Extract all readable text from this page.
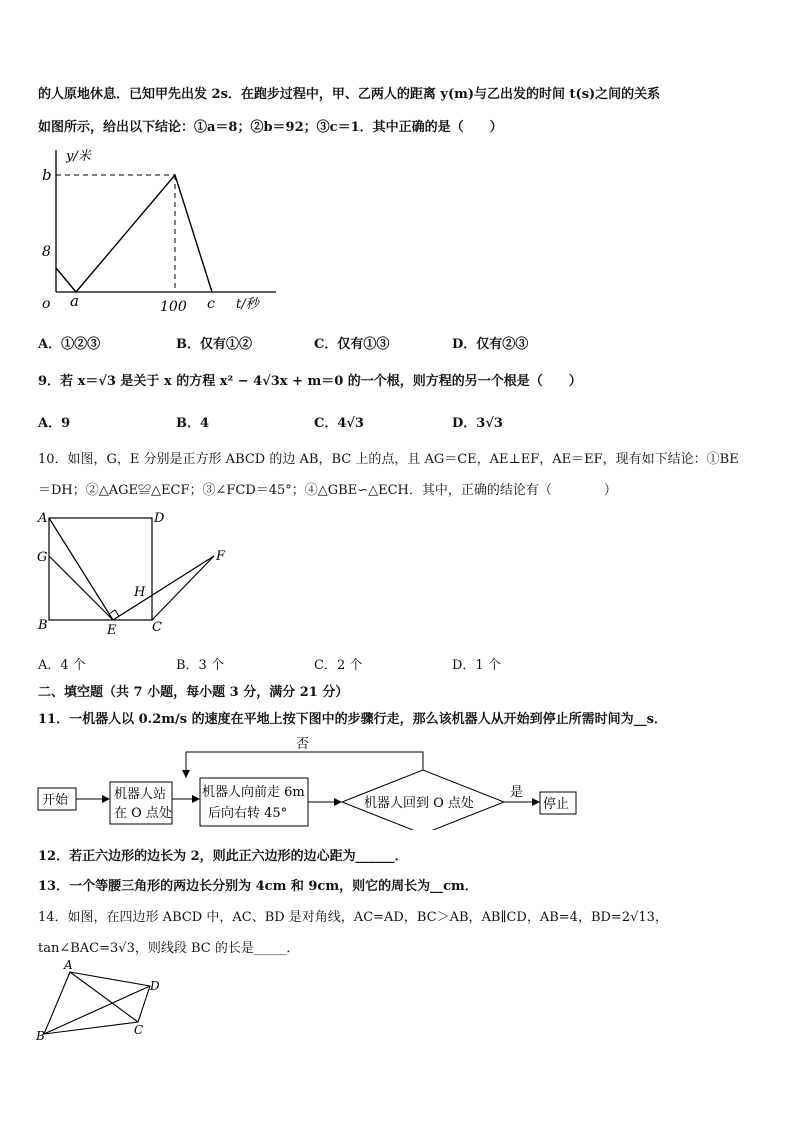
的人原地休息．已知甲先出发 2s．在跑步过程中，甲、乙两人的距离 y(m)与乙出发的时间 t(s)之间的关系
如图所示，给出以下结论：①a＝8；②b＝92；③c＝1．其中正确的是（　　）
y/米
b
8
o a	100 c t/秒
A．①②③	B．仅有①②	C．仅有①③	D．仅有②③
9．若 x＝√3 是关于 x 的方程 x² − 4√3x + m＝0 的一个根，则方程的另一个根是（　　）
A．9	B．4	C．4√3	D．3√3
10．如图，G，E 分别是正方形 ABCD 的边 AB，BC 上的点，且 AG＝CE，AE⊥EF，AE＝EF，现有如下结论：①BE
＝DH；②△AGE≌△ECF；③∠FCD＝45°；④△GBE∽△ECH．其中，正确的结论有（　　　　）
A	D
G	F
H
B	E	C
A．4 个	B．3 个	C．2 个	D．1 个
二、填空题（共 7 小题，每小题 3 分，满分 21 分）
11．一机器人以 0.2m/s 的速度在平地上按下图中的步骤行走，那么该机器人从开始到停止所需时间为__s．
开始	机器人站
在 O 点处
机器人向前走 6m
后向右转 45°
机器人回到 O 点处
否
是
停止
12．若正六边形的边长为 2，则此正六边形的边心距为______．
13．一个等腰三角形的两边长分别为 4cm 和 9cm，则它的周长为__cm．
14．如图，在四边形 ABCD 中，AC、BD 是对角线，AC=AD，BC＞AB，AB∥CD，AB=4，BD=2√13，
tan∠BAC=3√3，则线段 BC 的长是_____．
A
D
C
B
